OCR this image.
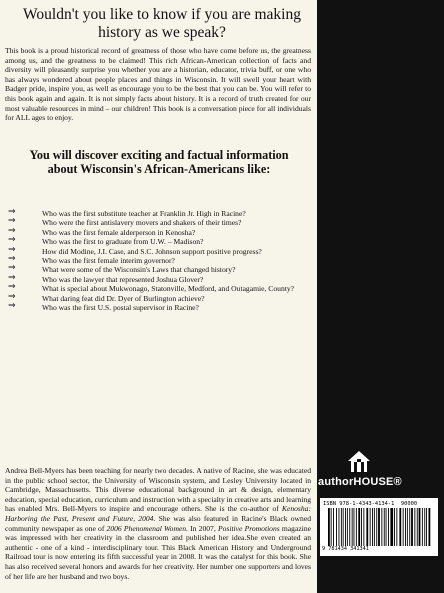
Wouldn't you like to know if you are making history as we speak?
This book is a proud historical record of greatness of those who have come before us, the greatness among us, and the greatness to be claimed! This rich African-American collection of facts and diversity will pleasantly surprise you whether you are a historian, educator, trivia buff, or one who has always wondered about people places and things in Wisconsin. It will swell your heart with Badger pride, inspire you, as well as encourage you to be the best that you can be. You will refer to this book again and again. It is not simply facts about history. It is a record of truth created for our most valuable resources in mind – our children! This book is a conversation piece for all individuals for ALL ages to enjoy.
You will discover exciting and factual information about Wisconsin's African-Americans like:
⇒	Who was the first substitute teacher at Franklin Jr. High in Racine?
⇒	Who were the first antislavery movers and shakers of their times?
⇒	Who was the first female alderperson in Kenosha?
⇒	Who was the first to graduate from U.W. – Madison?
⇒	How did Modine, J.I. Case, and S.C. Johnson support positive progress?
⇒	Who was the first female interim governor?
⇒	What were some of the Wisconsin's Laws that changed history?
⇒	Who was the lawyer that represented Joshua Glover?
⇒	What is special about Mukwonago, Statonville, Medford, and Outagamie, County?
⇒	What daring feat did Dr. Dyer of Burlington achieve?
⇒	Who was the first U.S. postal supervisor in Racine?
Andrea Bell-Myers has been teaching for nearly two decades. A native of Racine, she was educated in the public school sector, the University of Wisconsin system, and Lesley University located in Cambridge, Massachusetts. This diverse educational background in art & design, elementary education, special education, curriculum and instruction with a specialty in creative arts and learning has enabled Mrs. Bell-Myers to inspire and encourage others. She is the co-author of Kenosha: Harboring the Past, Present and Future, 2004. She was also featured in Racine's Black owned community newspaper as one of 2006 Phenomenal Women. In 2007, Positive Promotions magazine was impressed with her creativity in the classroom and published her idea.She even created an authentic - one of a kind - interdisciplinary tour. This Black American History and Underground Railroad tour is now entering its fifth successful year in 2008. It was the catalyst for this book. She has also received several honors and awards for her creativity. Her number one supporters and loves of her life are her husband and two boys.
authorHOUSE®
ISBN 978-1-4343-4134-1 90000
9 781434 341341
